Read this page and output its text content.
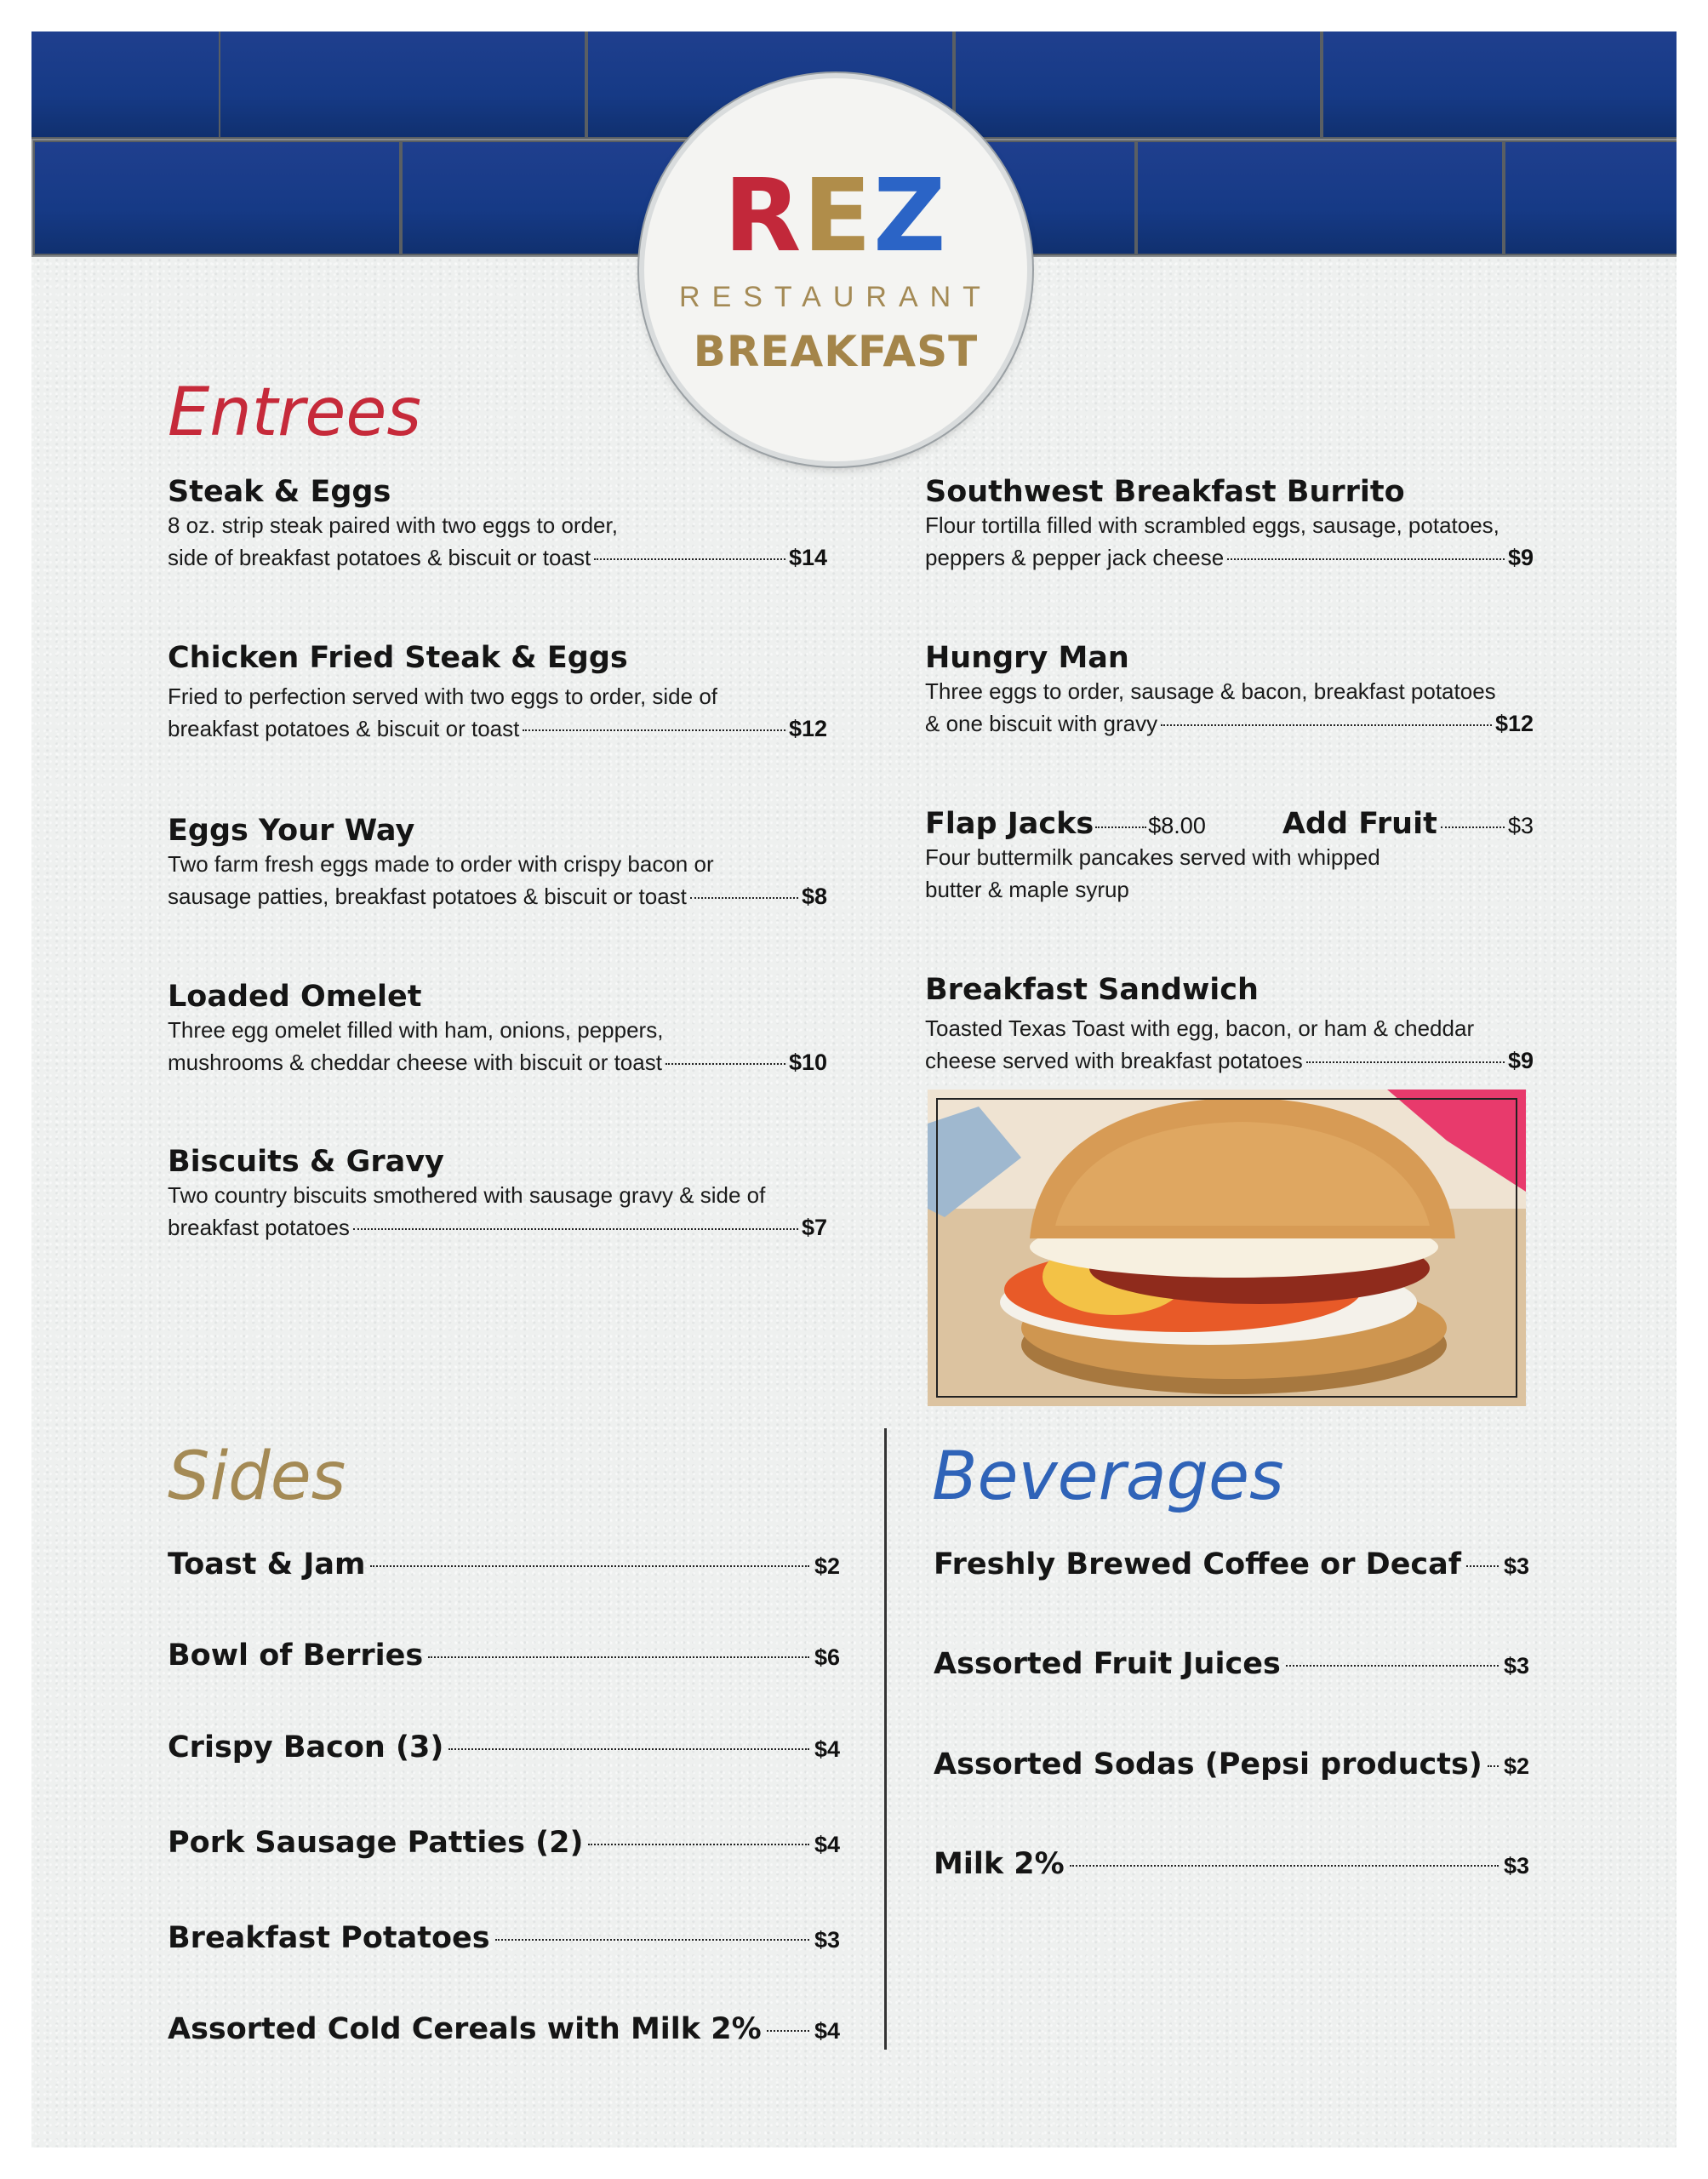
REZ
RESTAURANT
BREAKFAST
Entrees
Steak & Eggs
8 oz. strip steak paired with two eggs to order,
side of breakfast potatoes & biscuit or toast	$14
Chicken Fried Steak & Eggs
Fried to perfection served with two eggs to order, side of
breakfast potatoes & biscuit or toast	$12
Eggs Your Way
Two farm fresh eggs made to order with crispy bacon or
sausage patties, breakfast potatoes & biscuit or toast	$8
Loaded Omelet
Three egg omelet filled with ham, onions, peppers,
mushrooms & cheddar cheese with biscuit or toast	$10
Biscuits & Gravy
Two country biscuits smothered with sausage gravy & side of
breakfast potatoes	$7
Southwest Breakfast Burrito
Flour tortilla filled with scrambled eggs, sausage, potatoes,
peppers & pepper jack cheese	$9
Hungry Man
Three eggs to order, sausage & bacon, breakfast potatoes
& one biscuit with gravy	$12
Flap Jacks $8.00	Add Fruit	$3
Four buttermilk pancakes served with whipped
butter & maple syrup
Breakfast Sandwich
Toasted Texas Toast with egg, bacon, or ham & cheddar
cheese served with breakfast potatoes	$9
Sides
Toast & Jam	$2
Bowl of Berries	$6
Crispy Bacon (3)	$4
Pork Sausage Patties (2)	$4
Breakfast Potatoes	$3
Assorted Cold Cereals with Milk 2% $4
Beverages
Freshly Brewed Coffee or Decaf $3
Assorted Fruit Juices	$3
Assorted Sodas (Pepsi products) $2
Milk 2%	$3
